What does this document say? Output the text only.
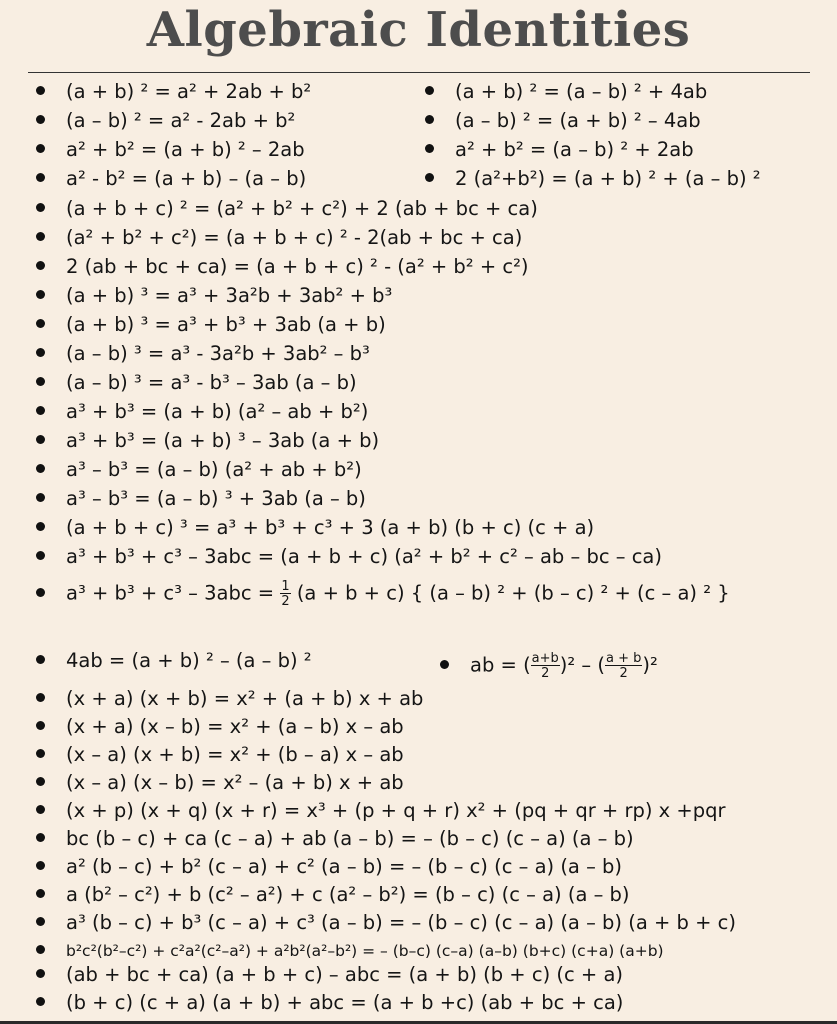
Algebraic Identities
(a + b) ² = a² + 2ab + b²
(a – b) ² = a² - 2ab + b²
a² + b² = (a + b) ² – 2ab
a² - b² = (a + b) – (a – b)
(a + b) ² = (a – b) ² + 4ab
(a – b) ² = (a + b) ² – 4ab
a² + b² = (a – b) ² + 2ab
2 (a²+b²) = (a + b) ² + (a – b) ²
(a + b + c) ² = (a² + b² + c²) + 2 (ab + bc + ca)
(a² + b² + c²) = (a + b + c) ² - 2(ab + bc + ca)
2 (ab + bc + ca) = (a + b + c) ² - (a² + b² + c²)
(a + b) ³ = a³ + 3a²b + 3ab² + b³
(a + b) ³ = a³ + b³ + 3ab (a + b)
(a – b) ³ = a³ - 3a²b + 3ab² – b³
(a – b) ³ = a³ - b³ – 3ab (a – b)
a³ + b³ = (a + b) (a² – ab + b²)
a³ + b³ = (a + b) ³ – 3ab (a + b)
a³ – b³ = (a – b) (a² + ab + b²)
a³ – b³ = (a – b) ³ + 3ab (a – b)
(a + b + c) ³ = a³ + b³ + c³ + 3 (a + b) (b + c) (c + a)
a³ + b³ + c³ – 3abc = (a + b + c) (a² + b² + c² – ab – bc – ca)
$a^3 + b^3 + c^3 - 3abc = \frac{1}{2} (a + b + c)$ { (a – b) ² + (b – c) ² + (c – a) ² }
4ab = (a + b) ² – (a – b) ²	ab = ( $\frac{a+b}{2} )^2$ – ( $\frac{a + b}{2} )^2$
(x + a) (x + b) = x² + (a + b) x + ab
(x + a) (x – b) = x² + (a – b) x – ab
(x – a) (x + b) = x² + (b – a) x – ab
(x – a) (x – b) = x² – (a + b) x + ab
(x + p) (x + q) (x + r) = x³ + (p + q + r) x² + (pq + qr + rp) x +pqr
bc (b – c) + ca (c – a) + ab (a – b) = – (b – c) (c – a) (a – b)
a² (b – c) + b² (c – a) + c² (a – b) = – (b – c) (c – a) (a – b)
a (b² – c²) + b (c² – a²) + c (a² – b²) = (b – c) (c – a) (a – b)
a³ (b – c) + b³ (c – a) + c³ (a – b) = – (b – c) (c – a) (a – b) (a + b + c)
b²c²(b²–c²) + c²a²(c²–a²) + a²b²(a²–b²) = – (b–c) (c–a) (a–b) (b+c) (c+a) (a+b)
(ab + bc + ca) (a + b + c) – abc = (a + b) (b + c) (c + a)
(b + c) (c + a) (a + b) + abc = (a + b +c) (ab + bc + ca)
